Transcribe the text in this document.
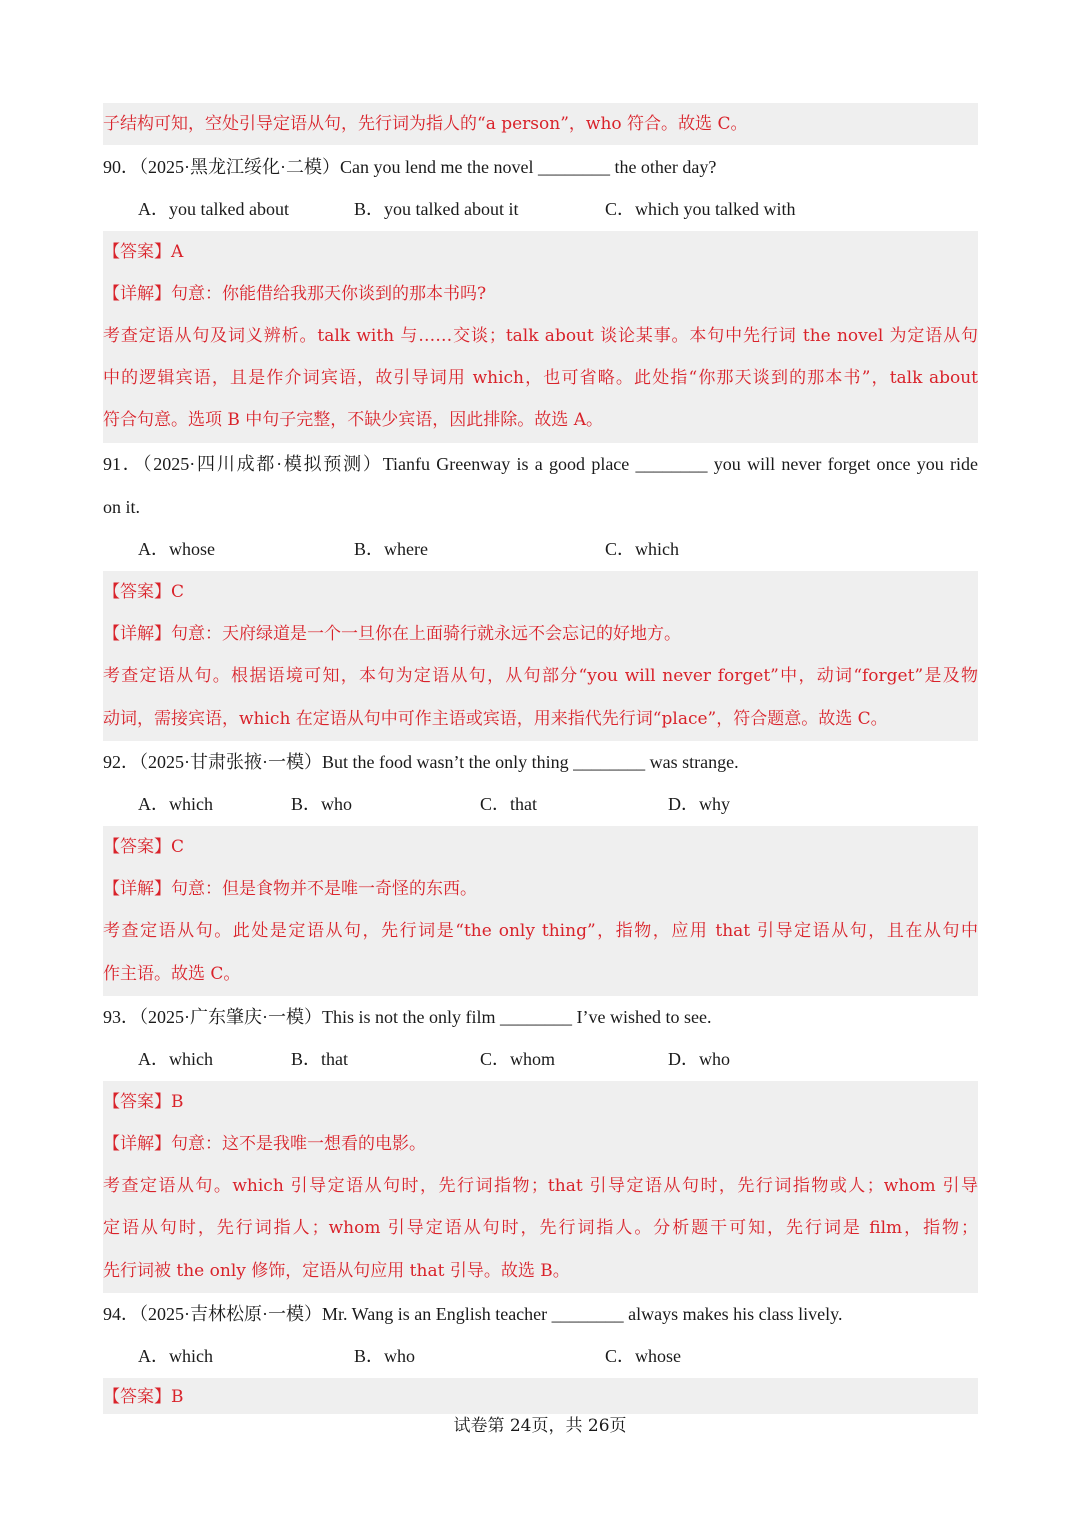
子结构可知，空处引导定语从句，先行词为指人的“a person”，who 符合。故选 C。
90．（2025·黑龙江绥化·二模）Can you lend me the novel ________ the other day?
A．you talked about	B．you talked about it	C．which you talked with
【答案】A
【详解】句意：你能借给我那天你谈到的那本书吗?
考查定语从句及词义辨析。talk with 与……交谈；talk about 谈论某事。本句中先行词 the novel 为定语从句
中的逻辑宾语，且是作介词宾语，故引导词用 which，也可省略。此处指“你那天谈到的那本书”，talk about
符合句意。选项 B 中句子完整，不缺少宾语，因此排除。故选 A。
91．（2025·四川成都·模拟预测）Tianfu Greenway is a good place ________ you will never forget once you ride
on it.
A．whose	B．where	C．which
【答案】C
【详解】句意：天府绿道是一个一旦你在上面骑行就永远不会忘记的好地方。
考查定语从句。根据语境可知，本句为定语从句，从句部分“you will never forget”中，动词“forget”是及物
动词，需接宾语，which 在定语从句中可作主语或宾语，用来指代先行词“place”，符合题意。故选 C。
92．（2025·甘肃张掖·一模）But the food wasn’t the only thing ________ was strange.
A．which	B．who	C．that	D．why
【答案】C
【详解】句意：但是食物并不是唯一奇怪的东西。
考查定语从句。此处是定语从句，先行词是“the only thing”，指物，应用 that 引导定语从句，且在从句中
作主语。故选 C。
93．（2025·广东肇庆·一模）This is not the only film ________ I’ve wished to see.
A．which	B．that	C．whom	D．who
【答案】B
【详解】句意：这不是我唯一想看的电影。
考查定语从句。which 引导定语从句时，先行词指物；that 引导定语从句时，先行词指物或人；whom 引导
定语从句时，先行词指人；whom 引导定语从句时，先行词指人。分析题干可知，先行词是 film，指物；
先行词被 the only 修饰，定语从句应用 that 引导。故选 B。
94．（2025·吉林松原·一模）Mr. Wang is an English teacher ________ always makes his class lively.
A．which	B．who	C．whose
【答案】B
试卷第 24页，共 26页
